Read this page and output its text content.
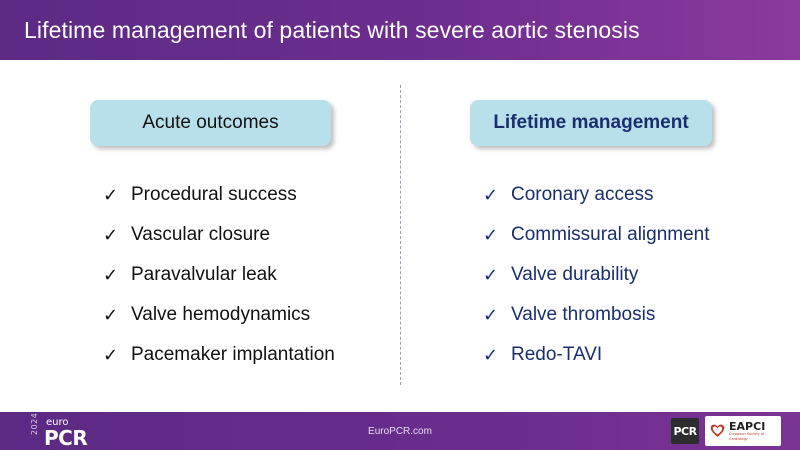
Lifetime management of patients with severe aortic stenosis
Acute outcomes	Lifetime management
✓ Procedural success
✓ Vascular closure
✓ Paravalvular leak
✓ Valve hemodynamics
✓ Pacemaker implantation
✓ Coronary access
✓ Commissural alignment
✓ Valve durability
✓ Valve thrombosis
✓ Redo-TAVI
2024 euro
PCR	EuroPCR.com	PCR	EAPCI
European Society of Cardiology
